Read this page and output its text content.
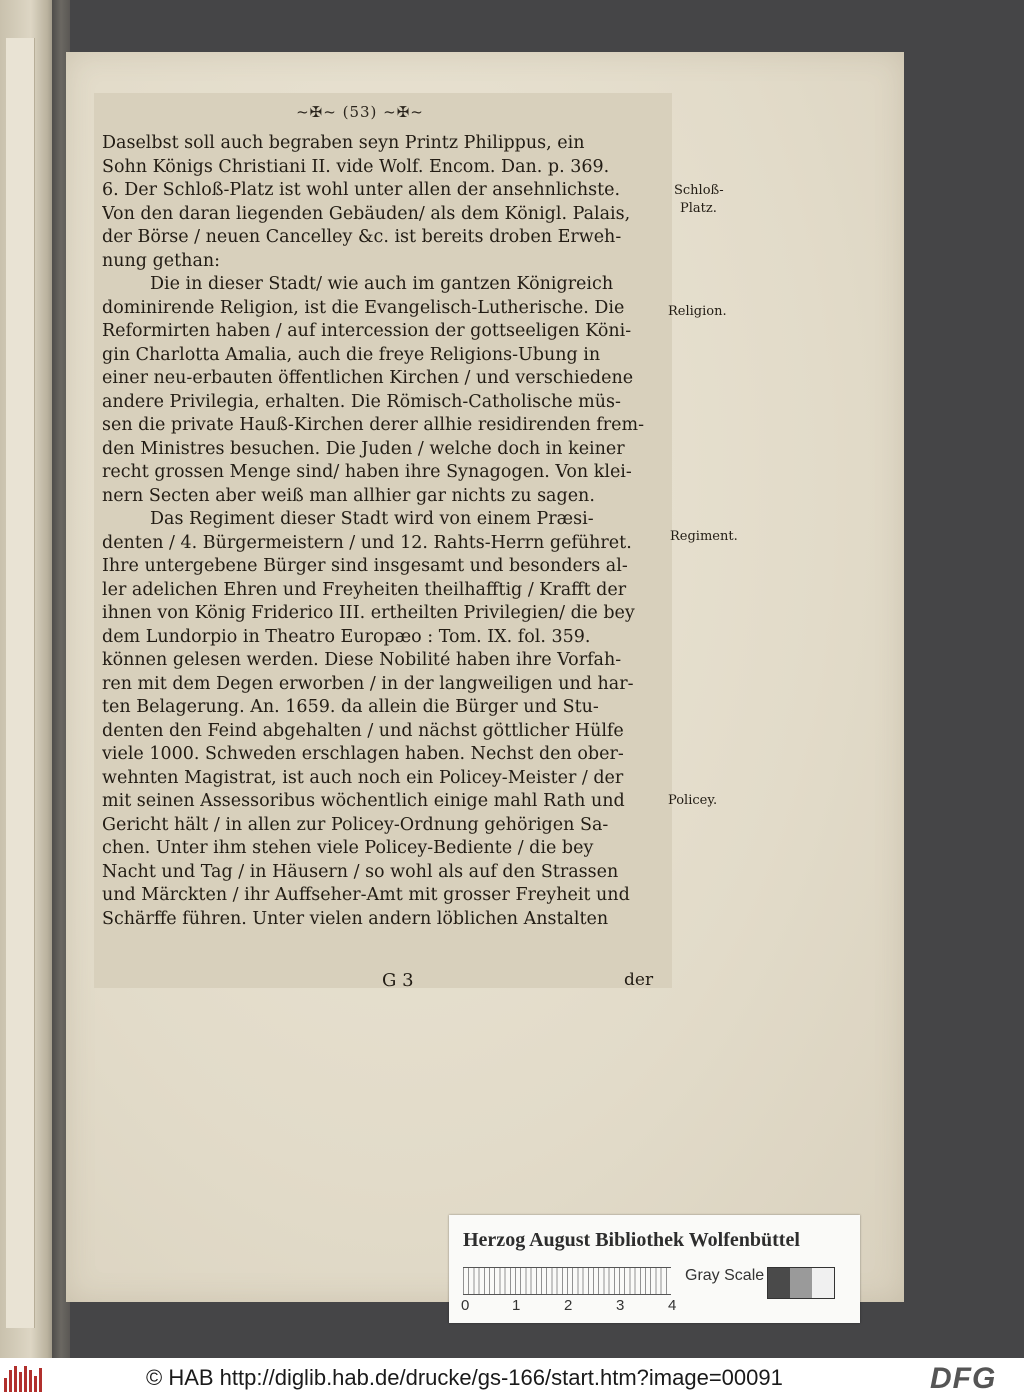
~✠~ (53) ~✠~
Daselbst soll auch begraben seyn Printz Philippus, ein
Sohn Königs Christiani II. vide Wolf. Encom. Dan. p. 369.
6. Der Schloß-Platz ist wohl unter allen der ansehnlichste.
Von den daran liegenden Gebäuden/ als dem Königl. Palais,
der Börse / neuen Cancelley &c. ist bereits droben Erweh-
nung gethan:
Die in dieser Stadt/ wie auch im gantzen Königreich
dominirende Religion, ist die Evangelisch-Lutherische. Die
Reformirten haben / auf intercession der gottseeligen Köni-
gin Charlotta Amalia, auch die freye Religions-Ubung in
einer neu-erbauten öffentlichen Kirchen / und verschiedene
andere Privilegia, erhalten. Die Römisch-Catholische müs-
sen die private Hauß-Kirchen derer allhie residirenden frem-
den Ministres besuchen. Die Juden / welche doch in keiner
recht grossen Menge sind/ haben ihre Synagogen. Von klei-
nern Secten aber weiß man allhier gar nichts zu sagen.
Das Regiment dieser Stadt wird von einem Præsi-
denten / 4. Bürgermeistern / und 12. Rahts-Herrn geführet.
Ihre untergebene Bürger sind insgesamt und besonders al-
ler adelichen Ehren und Freyheiten theilhafftig / Krafft der
ihnen von König Friderico III. ertheilten Privilegien/ die bey
dem Lundorpio in Theatro Europæo : Tom. IX. fol. 359.
können gelesen werden. Diese Nobilité haben ihre Vorfah-
ren mit dem Degen erworben / in der langweiligen und har-
ten Belagerung. An. 1659. da allein die Bürger und Stu-
denten den Feind abgehalten / und nächst göttlicher Hülfe
viele 1000. Schweden erschlagen haben. Nechst den ober-
wehnten Magistrat, ist auch noch ein Policey-Meister / der
mit seinen Assessoribus wöchentlich einige mahl Rath und
Gericht hält / in allen zur Policey-Ordnung gehörigen Sa-
chen. Unter ihm stehen viele Policey-Bediente / die bey
Nacht und Tag / in Häusern / so wohl als auf den Strassen
und Märckten / ihr Auffseher-Amt mit grosser Freyheit und
Schärffe führen. Unter vielen andern löblichen Anstalten
Schloß-
Platz.
Religion.
Regiment.
Policey.
G 3	der
Herzog August Bibliothek Wolfenbüttel
0	1	2	3	4
Gray Scale
© HAB http://diglib.hab.de/drucke/gs-166/start.htm?image=00091	DFG
